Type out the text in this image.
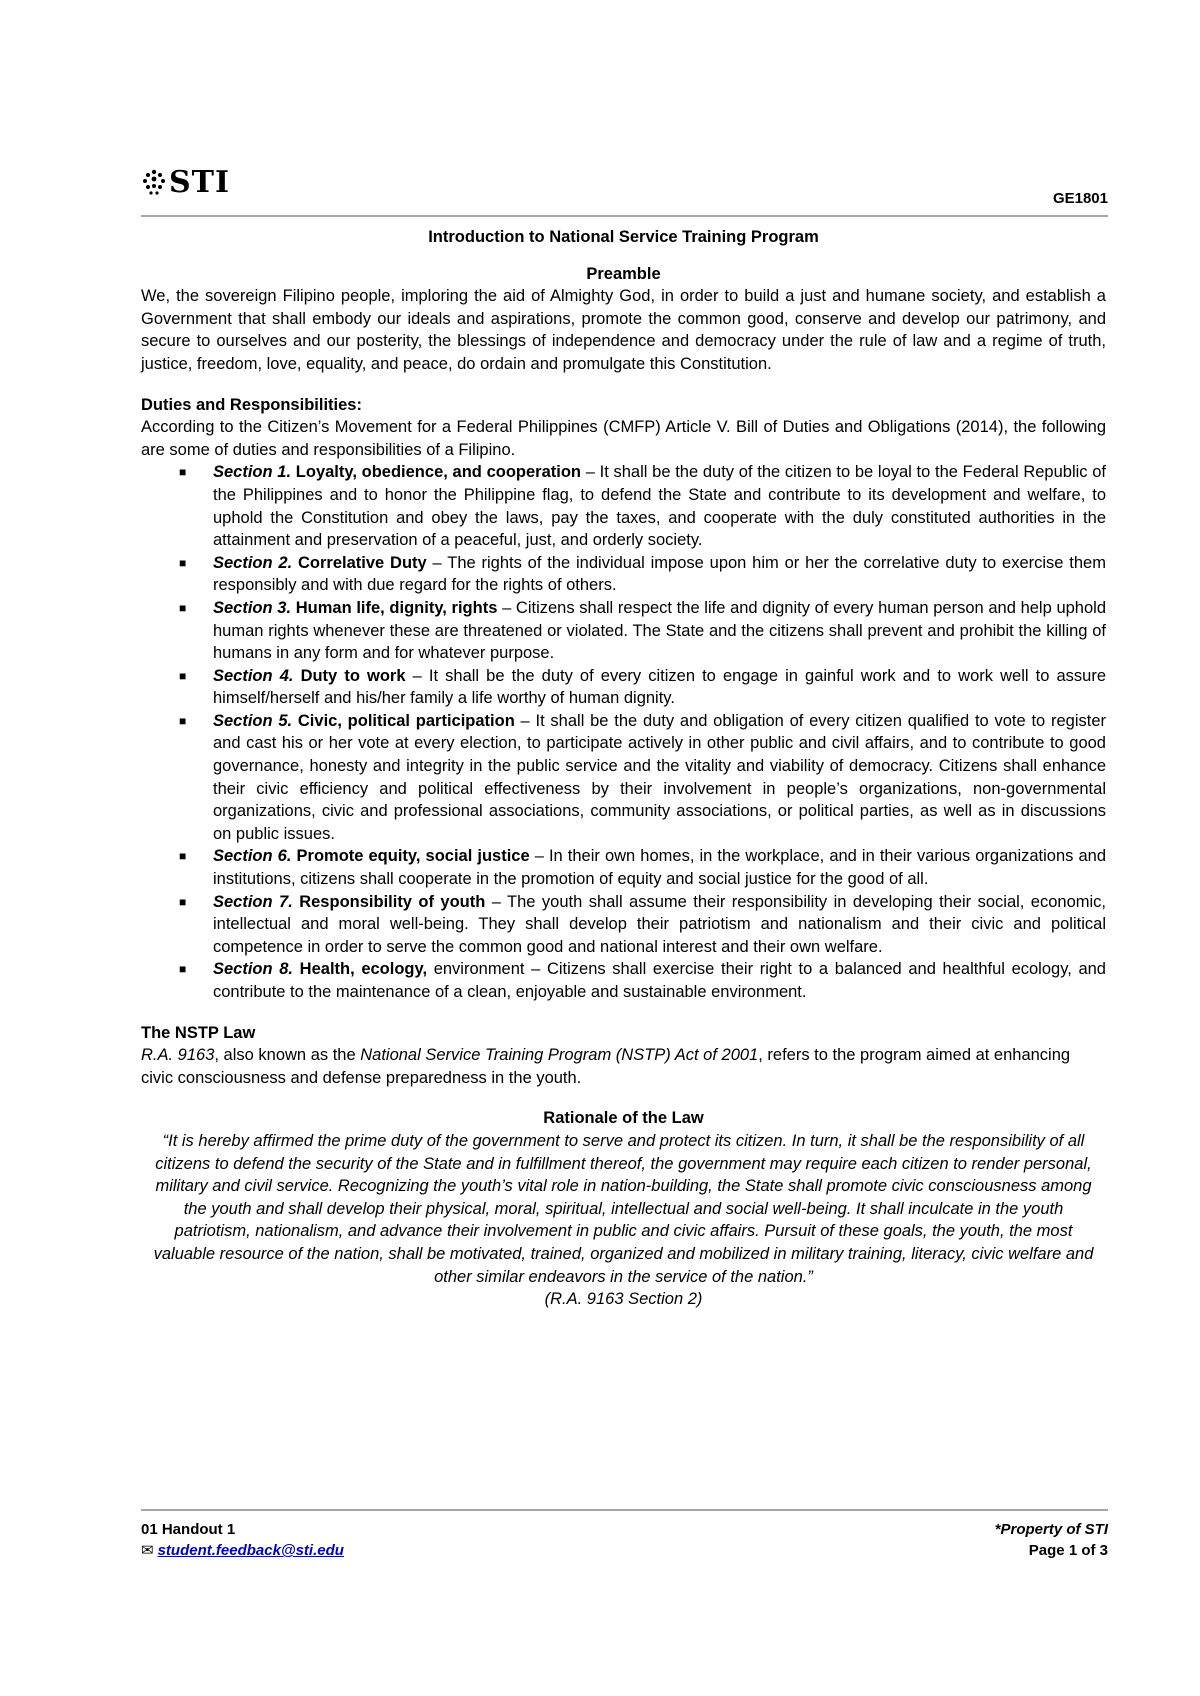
STI	GE1801

Introduction to National Service Training Program

Preamble

We, the sovereign Filipino people, imploring the aid of Almighty God, in order to build a just and humane society, and establish a Government that shall embody our ideals and aspirations, promote the common good, conserve and develop our patrimony, and secure to ourselves and our posterity, the blessings of independence and democracy under the rule of law and a regime of truth, justice, freedom, love, equality, and peace, do ordain and promulgate this Constitution.

Duties and Responsibilities:

According to the Citizen’s Movement for a Federal Philippines (CMFP) Article V. Bill of Duties and Obligations (2014), the following are some of duties and responsibilities of a Filipino.

■ Section 1. Loyalty, obedience, and cooperation – It shall be the duty of the citizen to be loyal to the Federal Republic of the Philippines and to honor the Philippine flag, to defend the State and contribute to its development and welfare, to uphold the Constitution and obey the laws, pay the taxes, and cooperate with the duly constituted authorities in the attainment and preservation of a peaceful, just, and orderly society.
■ Section 2. Correlative Duty – The rights of the individual impose upon him or her the correlative duty to exercise them responsibly and with due regard for the rights of others.
■ Section 3. Human life, dignity, rights – Citizens shall respect the life and dignity of every human person and help uphold human rights whenever these are threatened or violated. The State and the citizens shall prevent and prohibit the killing of humans in any form and for whatever purpose.
■ Section 4. Duty to work – It shall be the duty of every citizen to engage in gainful work and to work well to assure himself/herself and his/her family a life worthy of human dignity.
■ Section 5. Civic, political participation – It shall be the duty and obligation of every citizen qualified to vote to register and cast his or her vote at every election, to participate actively in other public and civil affairs, and to contribute to good governance, honesty and integrity in the public service and the vitality and viability of democracy. Citizens shall enhance their civic efficiency and political effectiveness by their involvement in people’s organizations, non-governmental organizations, civic and professional associations, community associations, or political parties, as well as in discussions on public issues.
■ Section 6. Promote equity, social justice – In their own homes, in the workplace, and in their various organizations and institutions, citizens shall cooperate in the promotion of equity and social justice for the good of all.
■ Section 7. Responsibility of youth – The youth shall assume their responsibility in developing their social, economic, intellectual and moral well-being. They shall develop their patriotism and nationalism and their civic and political competence in order to serve the common good and national interest and their own welfare.
■ Section 8. Health, ecology, environment – Citizens shall exercise their right to a balanced and healthful ecology, and contribute to the maintenance of a clean, enjoyable and sustainable environment.

The NSTP Law

R.A. 9163, also known as the National Service Training Program (NSTP) Act of 2001, refers to the program aimed at enhancing civic consciousness and defense preparedness in the youth.

Rationale of the Law

“It is hereby affirmed the prime duty of the government to serve and protect its citizen. In turn, it shall be the responsibility of all citizens to defend the security of the State and in fulfillment thereof, the government may require each citizen to render personal, military and civil service. Recognizing the youth’s vital role in nation-building, the State shall promote civic consciousness among the youth and shall develop their physical, moral, spiritual, intellectual and social well-being. It shall inculcate in the youth patriotism, nationalism, and advance their involvement in public and civic affairs. Pursuit of these goals, the youth, the most valuable resource of the nation, shall be motivated, trained, organized and mobilized in military training, literacy, civic welfare and other similar endeavors in the service of the nation.”

(R.A. 9163 Section 2)

01 Handout 1
✉ student.feedback@sti.edu
*Property of STI
Page 1 of 3
